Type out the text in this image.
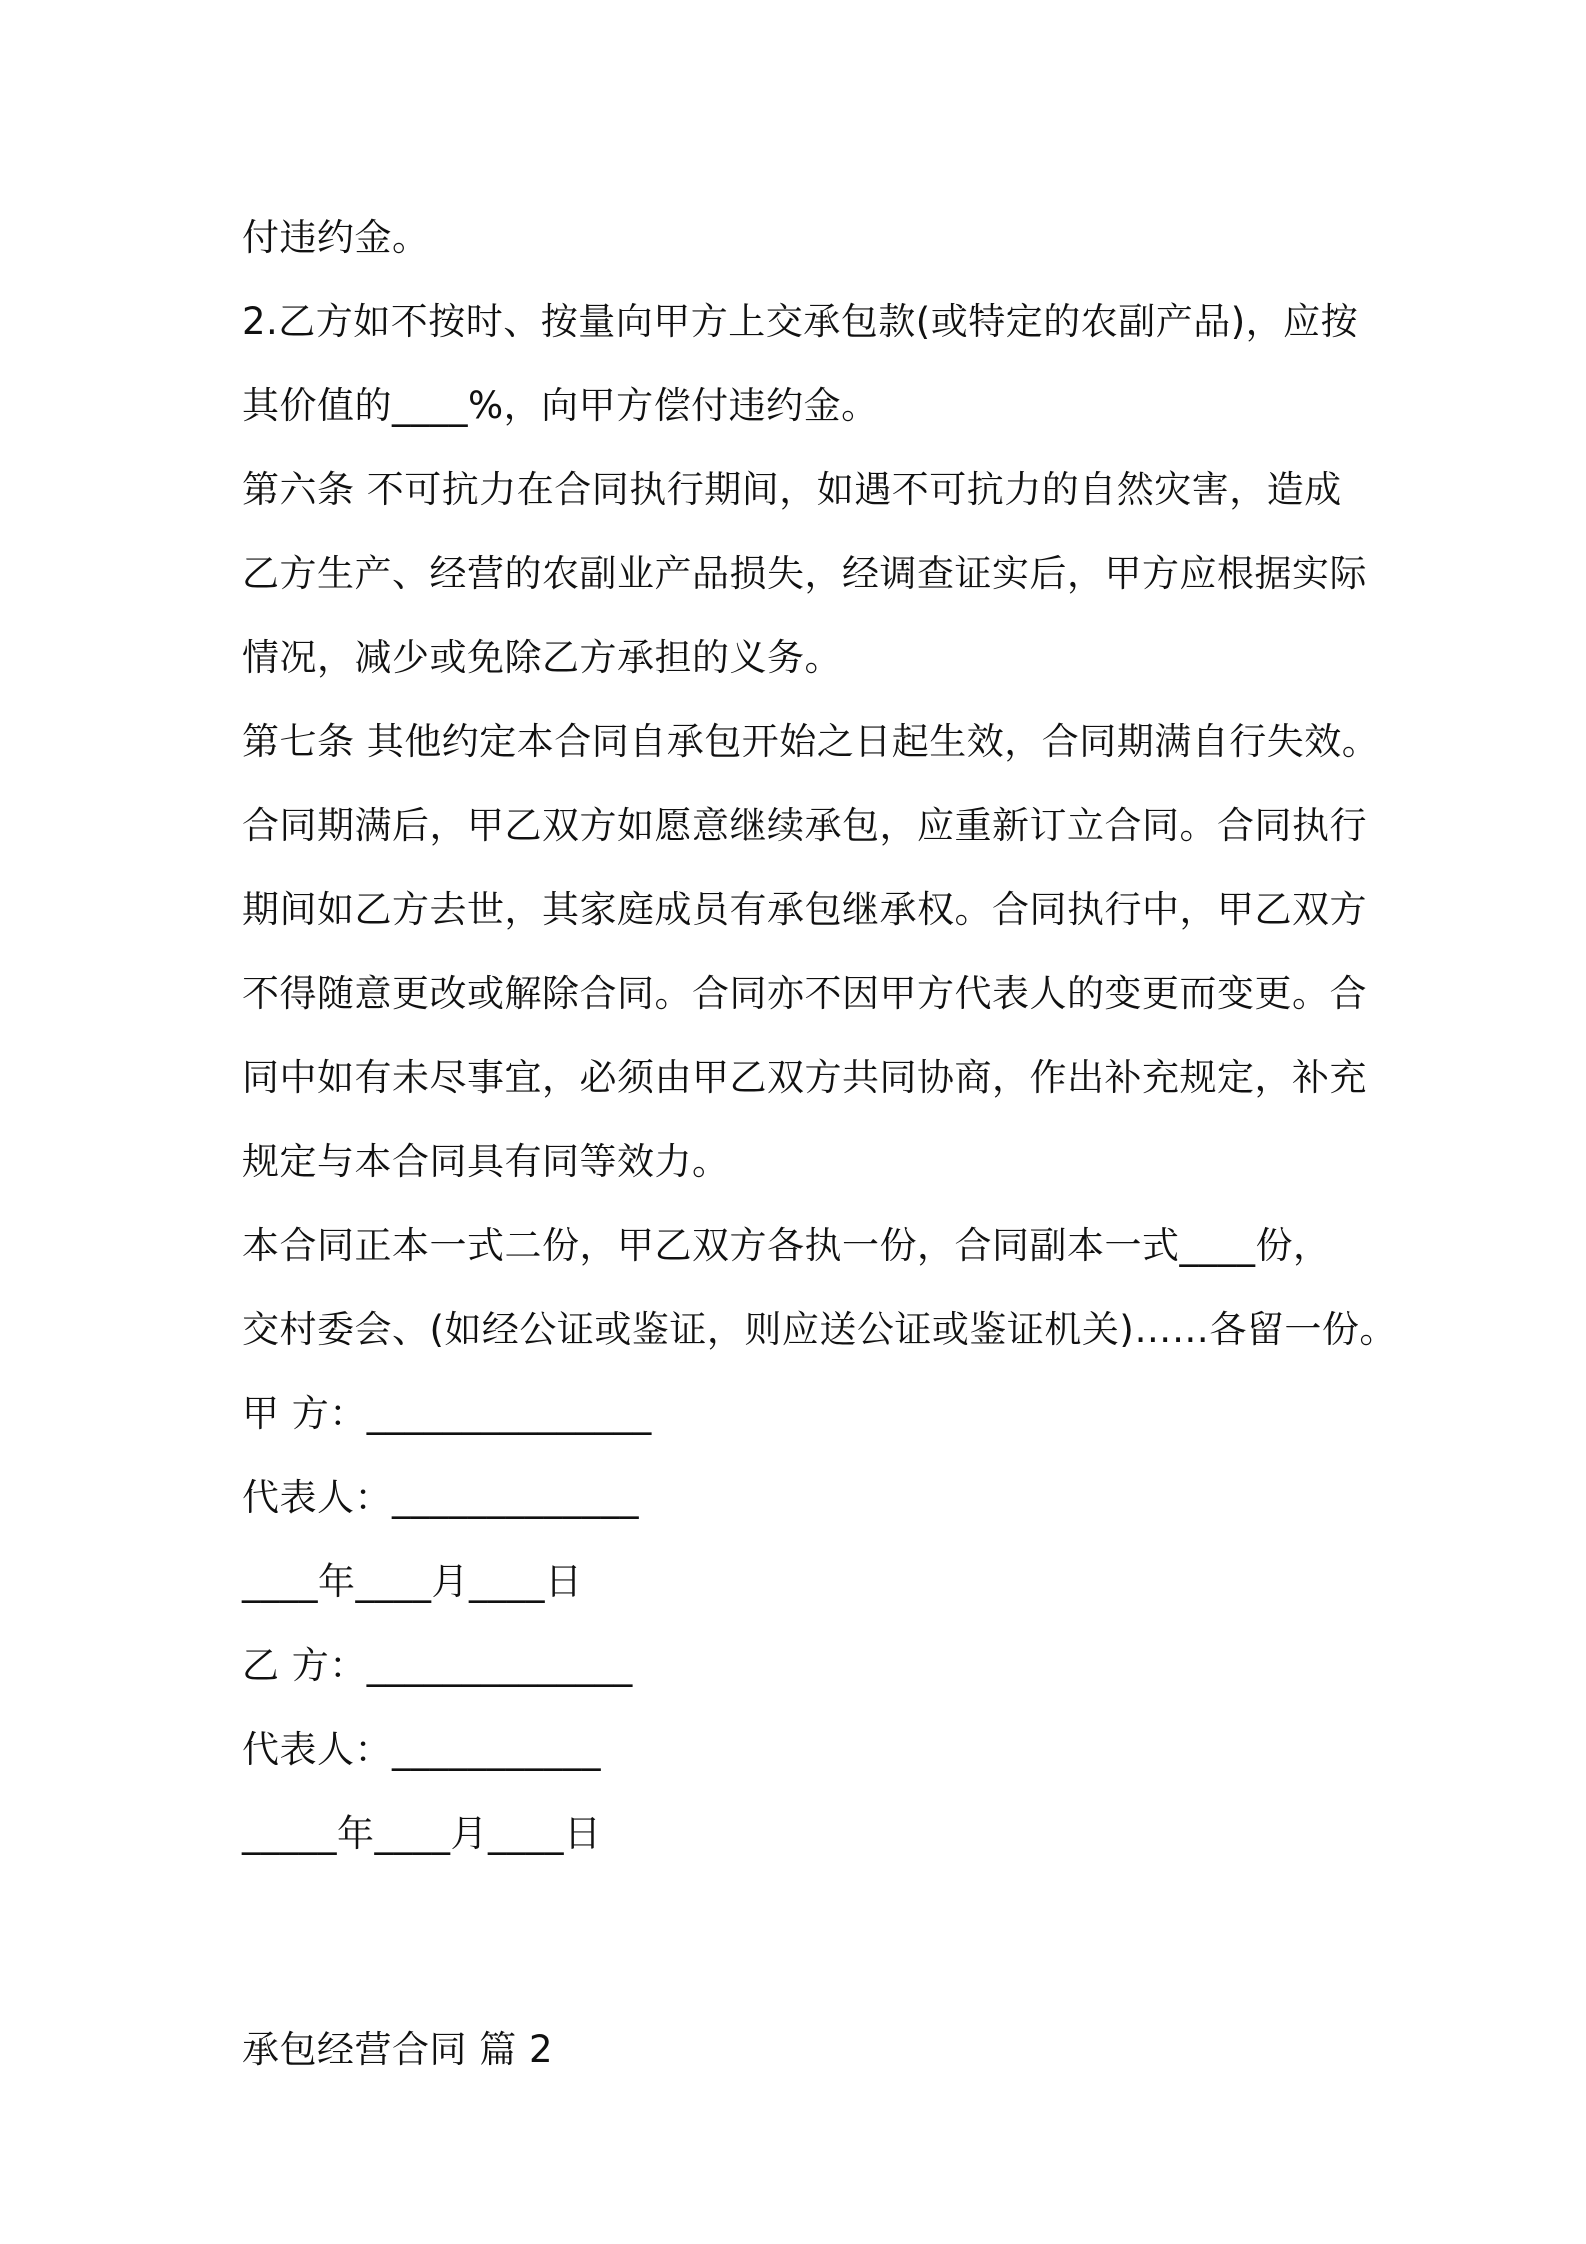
付违约金。
2.乙方如不按时、按量向甲方上交承包款(或特定的农副产品)，应按
其价值的____%，向甲方偿付违约金。
第六条 不可抗力在合同执行期间，如遇不可抗力的自然灾害，造成
乙方生产、经营的农副业产品损失，经调查证实后，甲方应根据实际
情况，减少或免除乙方承担的义务。
第七条 其他约定本合同自承包开始之日起生效，合同期满自行失效。
合同期满后，甲乙双方如愿意继续承包，应重新订立合同。合同执行
期间如乙方去世，其家庭成员有承包继承权。合同执行中，甲乙双方
不得随意更改或解除合同。合同亦不因甲方代表人的变更而变更。合
同中如有未尽事宜，必须由甲乙双方共同协商，作出补充规定，补充
规定与本合同具有同等效力。
本合同正本一式二份，甲乙双方各执一份，合同副本一式____份，
交村委会、(如经公证或鉴证，则应送公证或鉴证机关)……各留一份。
甲 方：_______________
代表人：_____________
____年____月____日
乙 方：______________
代表人：___________
_____年____月____日
承包经营合同 篇 2
